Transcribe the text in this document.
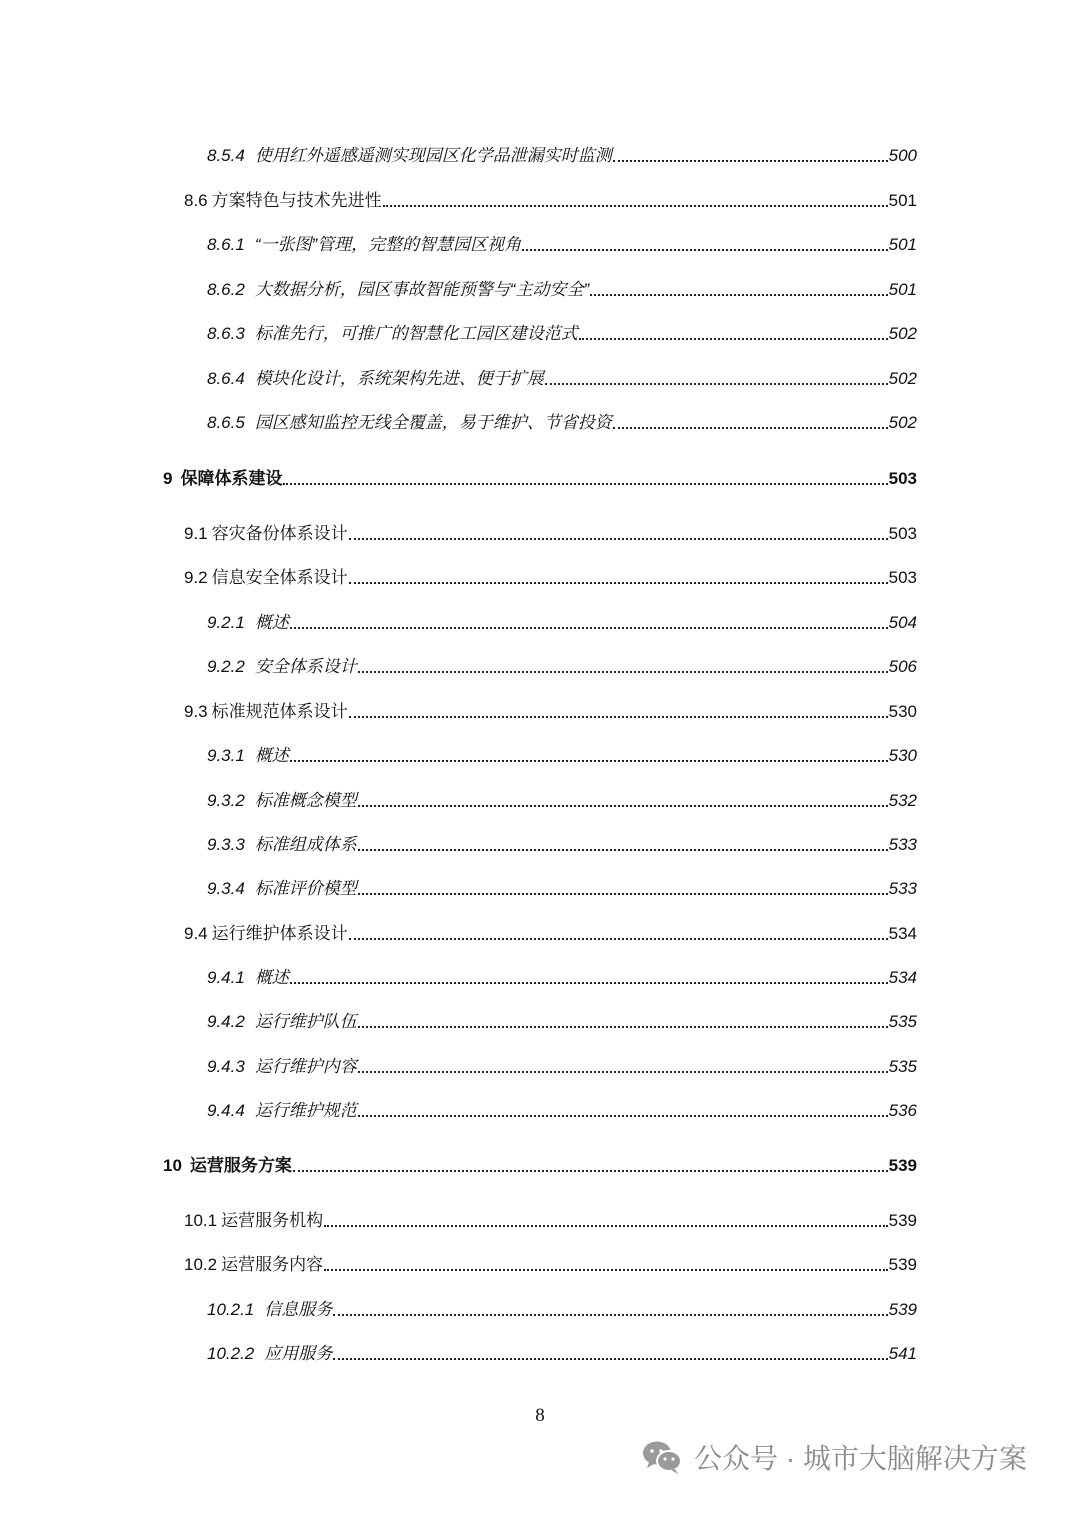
8.5.4 使用红外遥感遥测实现园区化学品泄漏实时监测	500
8.6 方案特色与技术先进性	501
8.6.1 “一张图”管理，完整的智慧园区视角	501
8.6.2 大数据分析，园区事故智能预警与“主动安全”	501
8.6.3 标准先行，可推广的智慧化工园区建设范式	502
8.6.4 模块化设计，系统架构先进、便于扩展	502
8.6.5 园区感知监控无线全覆盖，易于维护、节省投资	502
9 保障体系建设	503
9.1 容灾备份体系设计	503
9.2 信息安全体系设计	503
9.2.1 概述	504
9.2.2 安全体系设计	506
9.3 标准规范体系设计	530
9.3.1 概述	530
9.3.2 标准概念模型	532
9.3.3 标准组成体系	533
9.3.4 标准评价模型	533
9.4 运行维护体系设计	534
9.4.1 概述	534
9.4.2 运行维护队伍	535
9.4.3 运行维护内容	535
9.4.4 运行维护规范	536
10 运营服务方案	539
10.1 运营服务机构	539
10.2 运营服务内容	539
10.2.1 信息服务	539
10.2.2 应用服务	541
8
公众号 · 城市大脑解决方案
